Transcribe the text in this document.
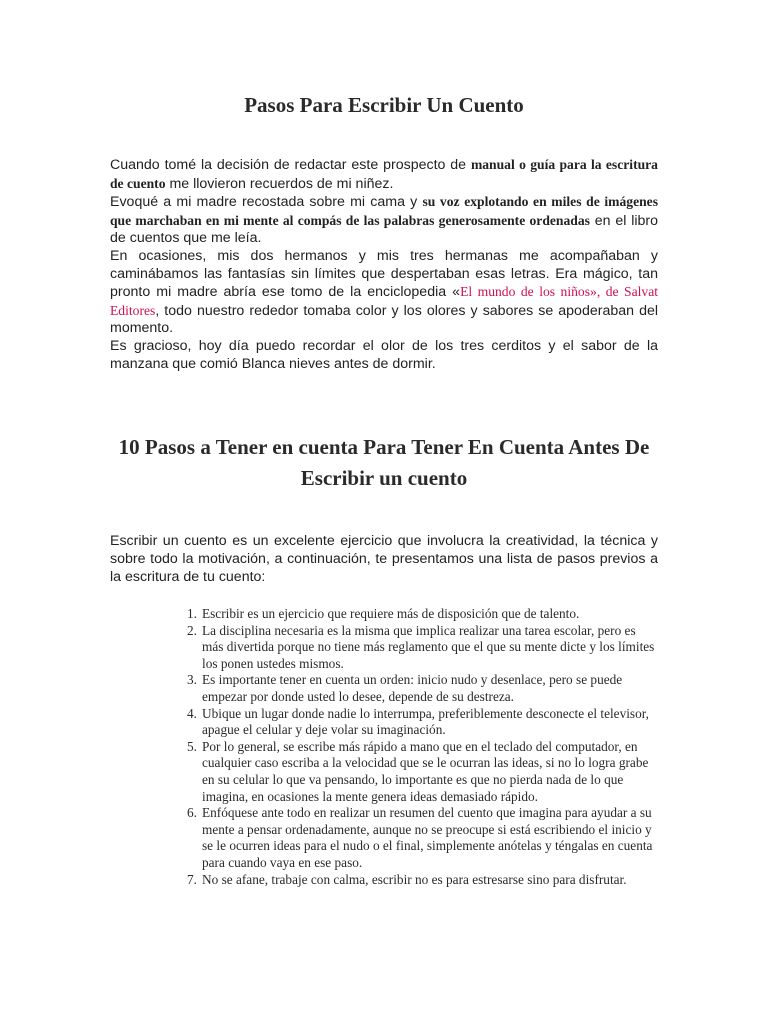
Pasos Para Escribir Un Cuento

Cuando tomé la decisión de redactar este prospecto de manual o guía para la escritura de cuento me llovieron recuerdos de mi niñez.

Evoqué a mi madre recostada sobre mi cama y su voz explotando en miles de imágenes que marchaban en mi mente al compás de las palabras generosamente ordenadas en el libro de cuentos que me leía.

En ocasiones, mis dos hermanos y mis tres hermanas me acompañaban y caminábamos las fantasías sin límites que despertaban esas letras. Era mágico, tan pronto mi madre abría ese tomo de la enciclopedia «El mundo de los niños», de Salvat Editores, todo nuestro rededor tomaba color y los olores y sabores se apoderaban del momento.

Es gracioso, hoy día puedo recordar el olor de los tres cerditos y el sabor de la manzana que comió Blanca nieves antes de dormir.

10 Pasos a Tener en cuenta Para Tener En Cuenta Antes De Escribir un cuento

Escribir un cuento es un excelente ejercicio que involucra la creatividad, la técnica y sobre todo la motivación, a continuación, te presentamos una lista de pasos previos a la escritura de tu cuento:

1. Escribir es un ejercicio que requiere más de disposición que de talento.
2. La disciplina necesaria es la misma que implica realizar una tarea escolar, pero es más divertida porque no tiene más reglamento que el que su mente dicte y los límites los ponen ustedes mismos.
3. Es importante tener en cuenta un orden: inicio nudo y desenlace, pero se puede empezar por donde usted lo desee, depende de su destreza.
4. Ubique un lugar donde nadie lo interrumpa, preferiblemente desconecte el televisor, apague el celular y deje volar su imaginación.
5. Por lo general, se escribe más rápido a mano que en el teclado del computador, en cualquier caso escriba a la velocidad que se le ocurran las ideas, si no lo logra grabe en su celular lo que va pensando, lo importante es que no pierda nada de lo que imagina, en ocasiones la mente genera ideas demasiado rápido.
6. Enfóquese ante todo en realizar un resumen del cuento que imagina para ayudar a su mente a pensar ordenadamente, aunque no se preocupe si está escribiendo el inicio y se le ocurren ideas para el nudo o el final, simplemente anótelas y téngalas en cuenta para cuando vaya en ese paso.
7. No se afane, trabaje con calma, escribir no es para estresarse sino para disfrutar.
